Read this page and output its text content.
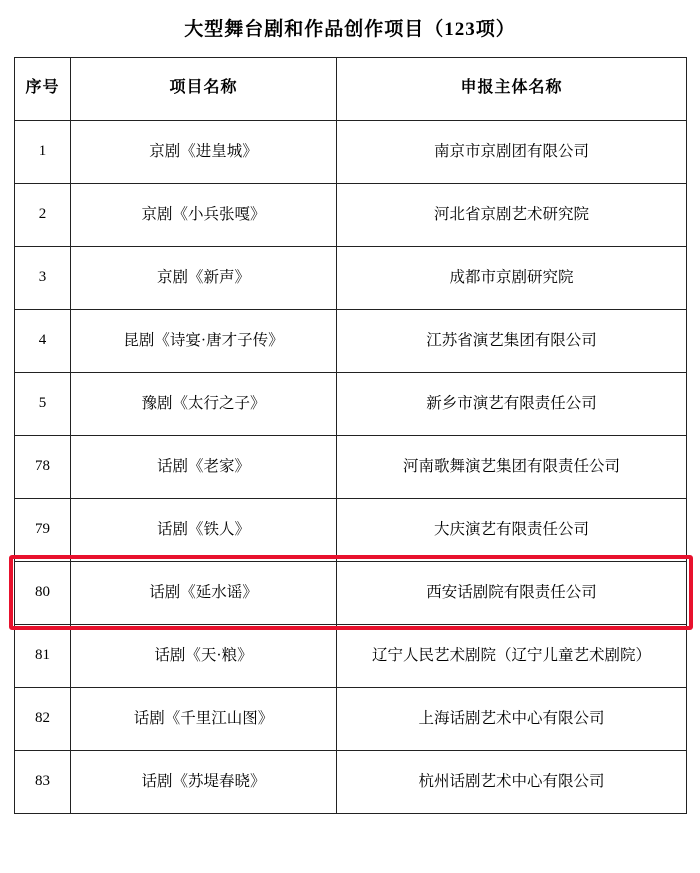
大型舞台剧和作品创作项目（123项）
序号	项目名称	申报主体名称
1	京剧《进皇城》	南京市京剧团有限公司
2	京剧《小兵张嘎》	河北省京剧艺术研究院
3	京剧《新声》	成都市京剧研究院
4	昆剧《诗宴·唐才子传》	江苏省演艺集团有限公司
5	豫剧《太行之子》	新乡市演艺有限责任公司
78	话剧《老家》	河南歌舞演艺集团有限责任公司
79	话剧《铁人》	大庆演艺有限责任公司
80	话剧《延水谣》	西安话剧院有限责任公司
81	话剧《天·粮》	辽宁人民艺术剧院（辽宁儿童艺术剧院）
82	话剧《千里江山图》	上海话剧艺术中心有限公司
83	话剧《苏堤春晓》	杭州话剧艺术中心有限公司
